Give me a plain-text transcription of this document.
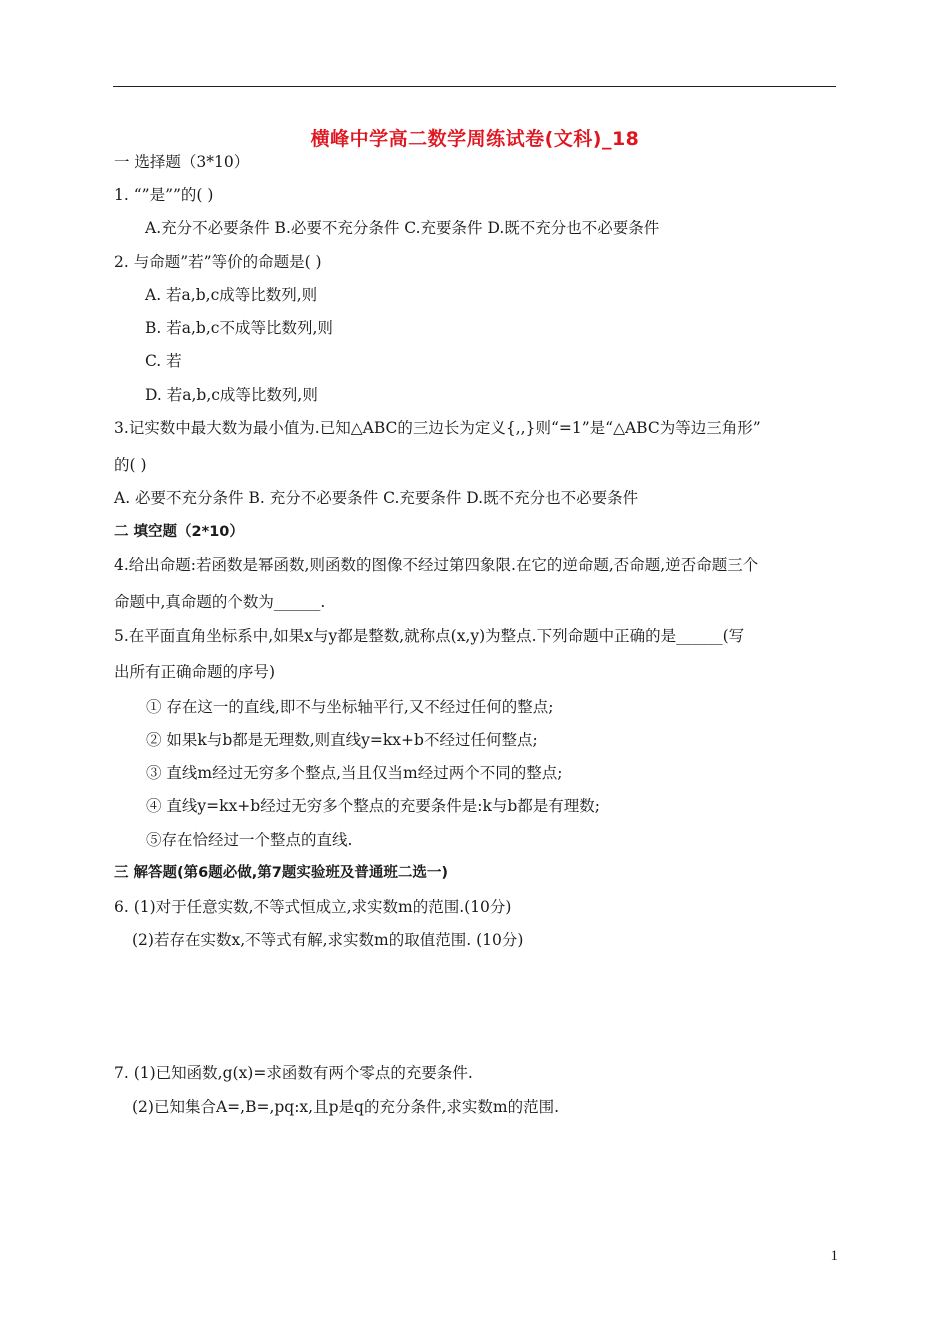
横峰中学高二数学周练试卷(文科)_18
一 选择题（3*10）
1. “”是””的( )
A.充分不必要条件 B.必要不充分条件 C.充要条件 D.既不充分也不必要条件
2. 与命题”若”等价的命题是( )
A. 若a,b,c成等比数列,则
B. 若a,b,c不成等比数列,则
C. 若
D. 若a,b,c成等比数列,则
3.记实数中最大数为最小值为.已知△ABC的三边长为定义{,,}则“=1”是“△ABC为等边三角形”
的( )
A. 必要不充分条件 B. 充分不必要条件 C.充要条件 D.既不充分也不必要条件
二 填空题（2*10）
4.给出命题:若函数是幂函数,则函数的图像不经过第四象限.在它的逆命题,否命题,逆否命题三个
命题中,真命题的个数为______.
5.在平面直角坐标系中,如果x与y都是整数,就称点(x,y)为整点.下列命题中正确的是______(写
出所有正确命题的序号)
① 存在这一的直线,即不与坐标轴平行,又不经过任何的整点;
② 如果k与b都是无理数,则直线y=kx+b不经过任何整点;
③ 直线m经过无穷多个整点,当且仅当m经过两个不同的整点;
④ 直线y=kx+b经过无穷多个整点的充要条件是:k与b都是有理数;
⑤存在恰经过一个整点的直线.
三 解答题(第6题必做,第7题实验班及普通班二选一)
6. (1)对于任意实数,不等式恒成立,求实数m的范围.(10分)
(2)若存在实数x,不等式有解,求实数m的取值范围. (10分)
7. (1)已知函数,g(x)=求函数有两个零点的充要条件.
(2)已知集合A=,B=,pq:x,且p是q的充分条件,求实数m的范围.
1
